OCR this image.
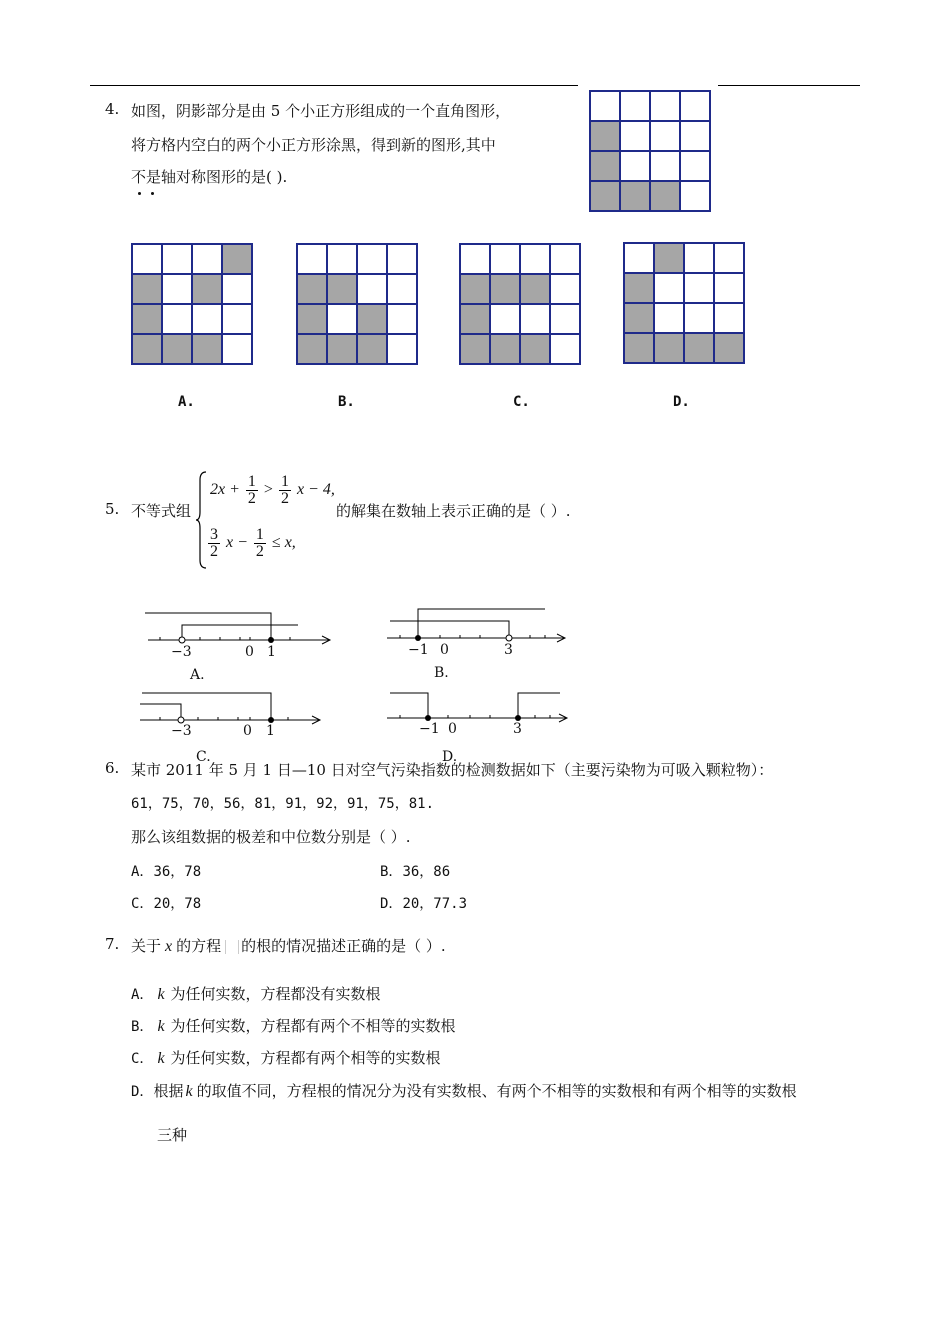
4. 如图，阴影部分是由 5 个小正方形组成的一个直角图形，
将方格内空白的两个小正方形涂黑，得到新的图形,其中
不是轴对称图形的是( ).
A.	B.	C.	D.
5. 不等式组
$2x + \frac{1}{2} > \frac{1}{2}$ x − 4,
$\frac{3}{2}$ $x - \frac{1}{2} \le x$,
的解集在数轴上表示正确的是（ ）.
−3	0 1
A.
−1 0	3
B.
−3	0 1
C.
−1 0	3
D.
6. 某市 2011 年 5 月 1 日—10 日对空气污染指数的检测数据如下（主要污染物为可吸入颗粒物）：
61，75，70，56，81，91，92，91，75，81.
那么该组数据的极差和中位数分别是（ ）.
A．36，78	B．36，86
C．20，78	D．20，77.3
7. 关于 x 的方程 的根的情况描述正确的是（ ）.
A． k 为任何实数，方程都没有实数根
B． k 为任何实数，方程都有两个不相等的实数根
C． k 为任何实数，方程都有两个相等的实数根
D．根据 k 的取值不同，方程根的情况分为没有实数根、有两个不相等的实数根和有两个相等的实数根
三种
